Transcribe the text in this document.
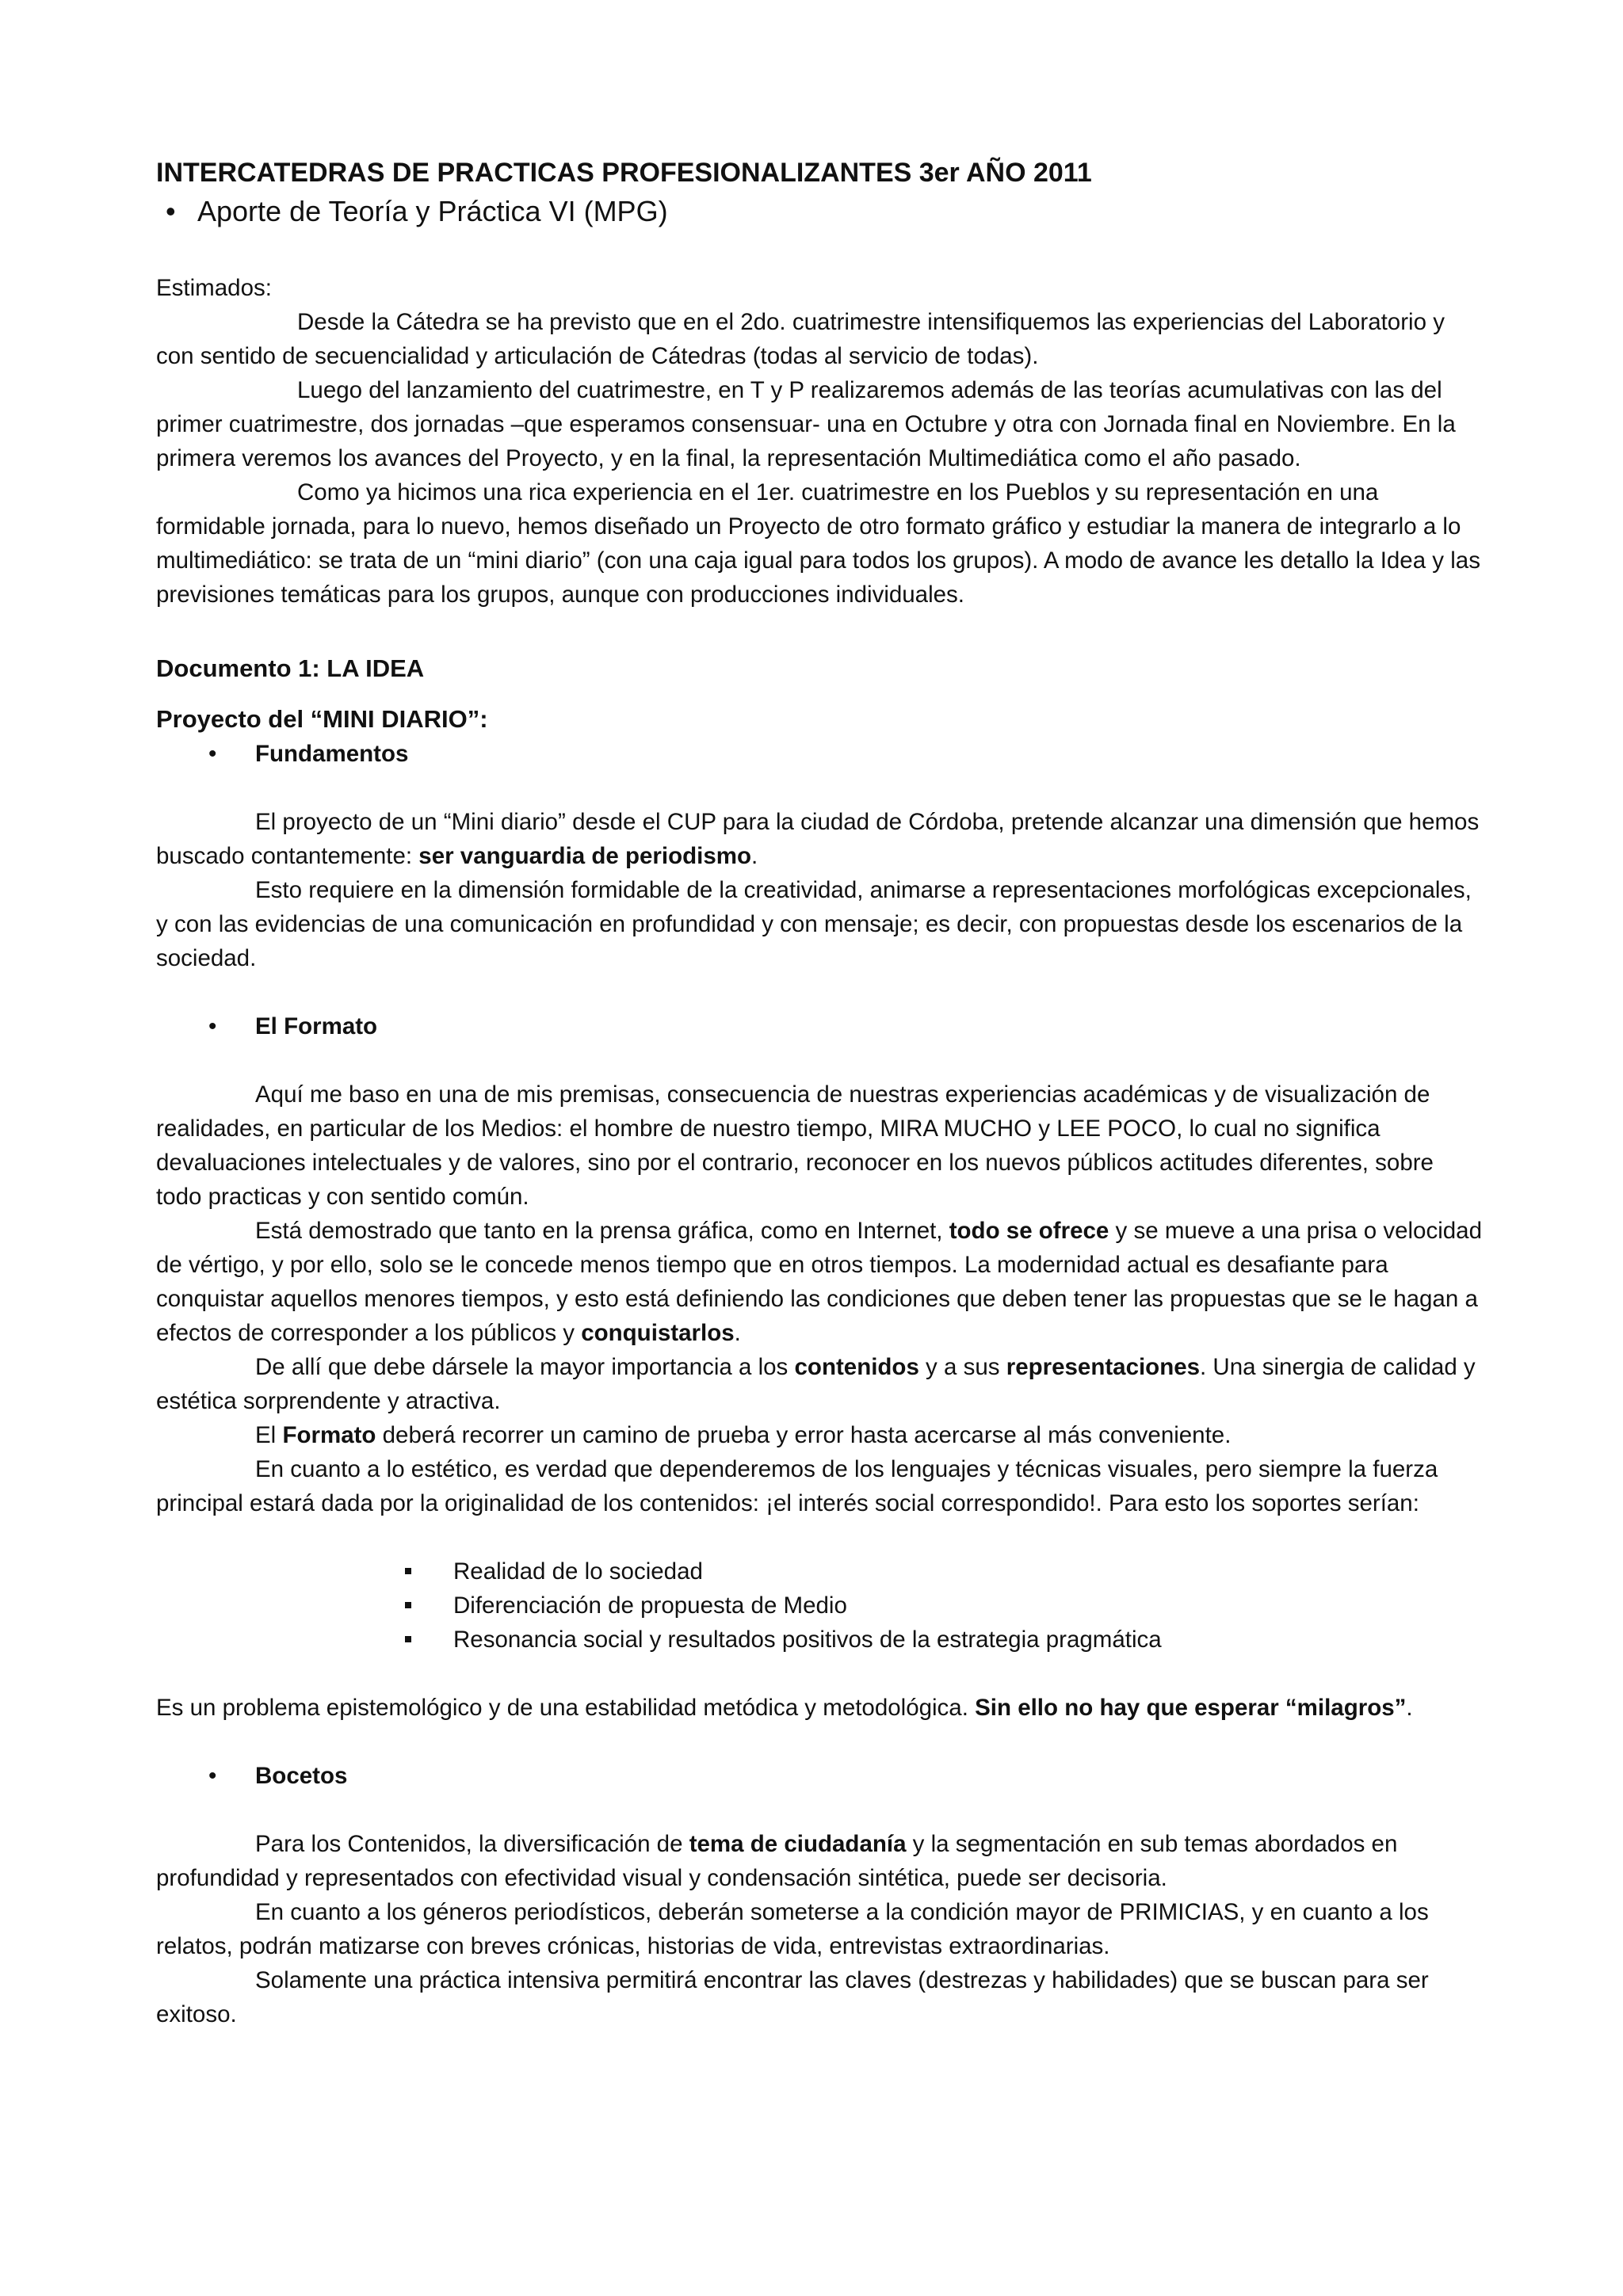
INTERCATEDRAS DE PRACTICAS PROFESIONALIZANTES 3er AÑO 2011

• Aporte de Teoría y Práctica VI (MPG)

Estimados:

Desde la Cátedra se ha previsto que en el 2do. cuatrimestre intensifiquemos las experiencias del Laboratorio y con sentido de secuencialidad y articulación de Cátedras (todas al servicio de todas).

Luego del lanzamiento del cuatrimestre, en T y P realizaremos además de las teorías acumulativas con las del primer cuatrimestre, dos jornadas –que esperamos consensuar- una en Octubre y otra con Jornada final en Noviembre. En la primera veremos los avances del Proyecto, y en la final, la representación Multimediática como el año pasado.

Como ya hicimos una rica experiencia en el 1er. cuatrimestre en los Pueblos y su representación en una formidable jornada, para lo nuevo, hemos diseñado un Proyecto de otro formato gráfico y estudiar la manera de integrarlo a lo multimediático: se trata de un “mini diario” (con una caja igual para todos los grupos). A modo de avance les detallo la Idea y las previsiones temáticas para los grupos, aunque con producciones individuales.

Documento 1: LA IDEA

Proyecto del “MINI DIARIO”:

• Fundamentos

El proyecto de un “Mini diario” desde el CUP para la ciudad de Córdoba, pretende alcanzar una dimensión que hemos buscado contantemente: ser vanguardia de periodismo.

Esto requiere en la dimensión formidable de la creatividad, animarse a representaciones morfológicas excepcionales, y con las evidencias de una comunicación en profundidad y con mensaje; es decir, con propuestas desde los escenarios de la sociedad.

• El Formato

Aquí me baso en una de mis premisas, consecuencia de nuestras experiencias académicas y de visualización de realidades, en particular de los Medios: el hombre de nuestro tiempo, MIRA MUCHO y LEE POCO, lo cual no significa devaluaciones intelectuales y de valores, sino por el contrario, reconocer en los nuevos públicos actitudes diferentes, sobre todo practicas y con sentido común.

Está demostrado que tanto en la prensa gráfica, como en Internet, todo se ofrece y se mueve a una prisa o velocidad de vértigo, y por ello, solo se le concede menos tiempo que en otros tiempos. La modernidad actual es desafiante para conquistar aquellos menores tiempos, y esto está definiendo las condiciones que deben tener las propuestas que se le hagan a efectos de corresponder a los públicos y conquistarlos.

De allí que debe dársele la mayor importancia a los contenidos y a sus representaciones. Una sinergia de calidad y estética sorprendente y atractiva.

El Formato deberá recorrer un camino de prueba y error hasta acercarse al más conveniente.

En cuanto a lo estético, es verdad que dependeremos de los lenguajes y técnicas visuales, pero siempre la fuerza principal estará dada por la originalidad de los contenidos: ¡el interés social correspondido!. Para esto los soportes serían:

Realidad de lo sociedad
Diferenciación de propuesta de Medio
Resonancia social y resultados positivos de la estrategia pragmática

Es un problema epistemológico y de una estabilidad metódica y metodológica. Sin ello no hay que esperar “milagros”.

• Bocetos

Para los Contenidos, la diversificación de tema de ciudadanía y la segmentación en sub temas abordados en profundidad y representados con efectividad visual y condensación sintética, puede ser decisoria.

En cuanto a los géneros periodísticos, deberán someterse a la condición mayor de PRIMICIAS, y en cuanto a los relatos, podrán matizarse con breves crónicas, historias de vida, entrevistas extraordinarias.

Solamente una práctica intensiva permitirá encontrar las claves (destrezas y habilidades) que se buscan para ser exitoso.
